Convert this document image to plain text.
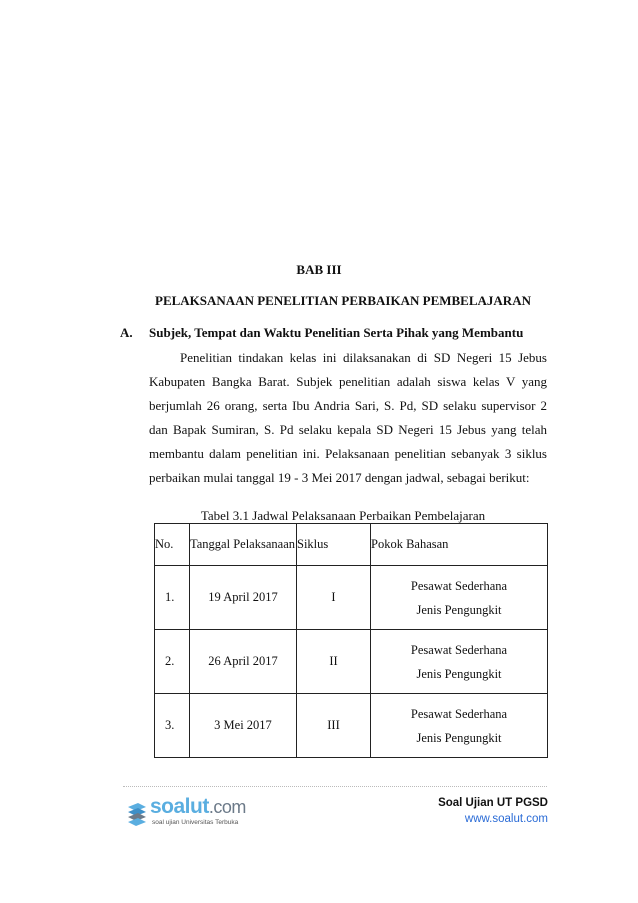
BAB III
PELAKSANAAN PENELITIAN PERBAIKAN PEMBELAJARAN
A. Subjek, Tempat dan Waktu Penelitian Serta Pihak yang Membantu

Penelitian tindakan kelas ini dilaksanakan di SD Negeri 15 Jebus Kabupaten Bangka Barat. Subjek penelitian adalah siswa kelas V yang berjumlah 26 orang, serta Ibu Andria Sari, S. Pd, SD selaku supervisor 2 dan Bapak Sumiran, S. Pd selaku kepala SD Negeri 15 Jebus yang telah membantu dalam penelitian ini. Pelaksanaan penelitian sebanyak 3 siklus perbaikan mulai tanggal 19 - 3 Mei 2017 dengan jadwal, sebagai berikut:

Tabel 3.1 Jadwal Pelaksanaan Perbaikan Pembelajaran
No.	Tanggal Pelaksanaan	Siklus	Pokok Bahasan
1.	19 April 2017	I	Pesawat Sederhana
Jenis Pengungkit

2.	26 April 2017	II	Pesawat Sederhana
Jenis Pengungkit

3.	3 Mei 2017	III	Pesawat Sederhana
Jenis Pengungkit
soalut.com
soal ujian Universitas Terbuka
Soal Ujian UT PGSD
www.soalut.com
